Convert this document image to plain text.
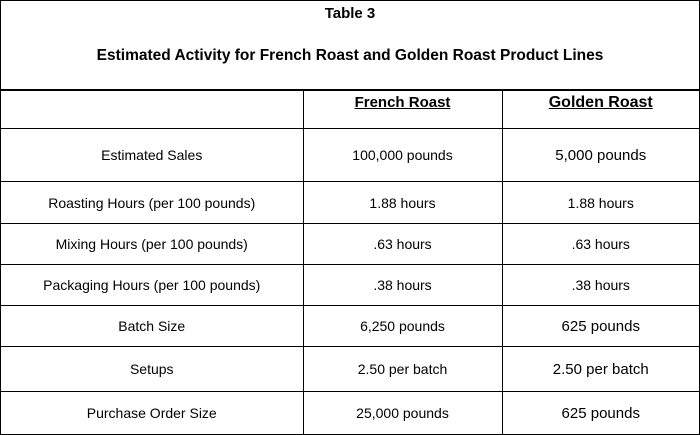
Table 3
Estimated Activity for French Roast and Golden Roast Product Lines
	French Roast	Golden Roast
Estimated Sales	100,000 pounds	5,000 pounds
Roasting Hours (per 100 pounds)	1.88 hours	1.88 hours
Mixing Hours (per 100 pounds)	.63 hours	.63 hours
Packaging Hours (per 100 pounds)	.38 hours	.38 hours
Batch Size	6,250 pounds	625 pounds
Setups	2.50 per batch	2.50 per batch
Purchase Order Size	25,000 pounds	625 pounds
